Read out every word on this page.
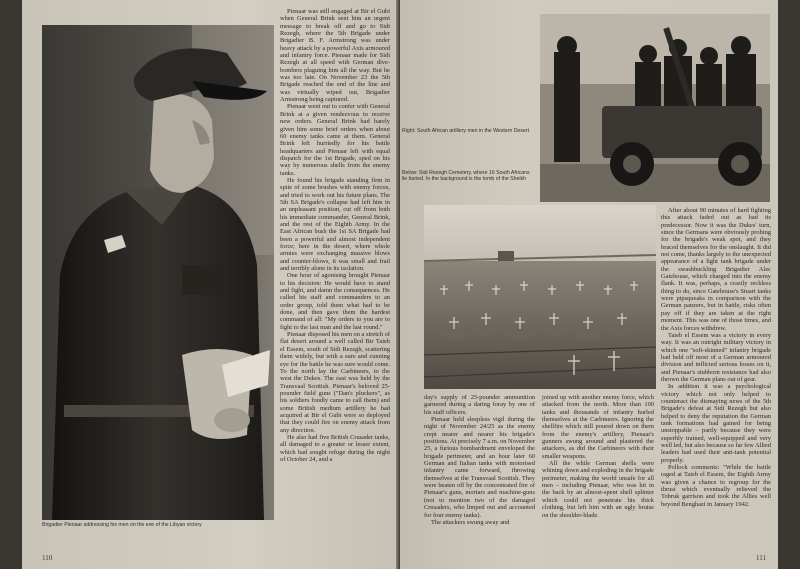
Brigadier Pienaar addressing his men on the eve of the Libyan victory

Pienaar was still engaged at Bir el Gubi when General Brink sent him an urgent message to break off and go to Sidi Rezegh, where the 5th Brigade under Brigadier B. F. Armstrong was under heavy attack by a powerful Axis armoured and infantry force. Pienaar made for Sidi Rezegh at all speed with German dive-bombers plaguing him all the way. But he was too late. On November 23 the 5th Brigade reached the end of the line and was virtually wiped out, Brigadier Armstrong being captured.

Pienaar went out to confer with General Brink at a given rendezvous to receive new orders. General Brink had barely given him some brief orders when about 60 enemy tanks came at them. General Brink left hurriedly for his battle headquarters and Pienaar left with equal dispatch for the 1st Brigade, sped on his way by numerous shells from the enemy tanks.

He found his brigade standing firm in spite of some brushes with enemy forces, and tried to work out his future plans. The 5th SA Brigade's collapse had left him in an unpleasant position, cut off from both his immediate commander, General Brink, and the rest of the Eighth Army. In the East African bush the 1st SA Brigade had been a powerful and almost independent force; here in the desert, where whole armies were exchanging massive blows and counter-blows, it was small and frail and terribly alone in its isolation.

One hour of agonising brought Pienaar to his decision: He would have to stand and fight, and damn the consequences. He called his staff and commanders to an order group, told them what had to be done, and then gave them the hardest command of all: "My orders to you are to fight to the last man and the last round."

Pienaar disposed his men on a stretch of flat desert around a well called Bir Taieb el Essem, south of Sidi Rezegh, scattering them widely, but with a sure and cunning eye for the battle he was sure would come. To the north lay the Carbineers, to the west the Dukes. The east was held by the Transvaal Scottish. Pienaar's beloved 25-pounder field guns ("Dan's pluckers", as his soldiers fondly came to call them) and some British medium artillery he had acquired at Bir el Gubi were so deployed that they could fire on enemy attack from any direction.

He also had five British Crusader tanks, all damaged to a greater or lesser extent, which had sought refuge during the night of October 24, and a

110
Right: South African artillery men in the Western Desert
Below: Sidi Rezegh Cemetery, where 16 South Africans lie buried. In the background is the tomb of the Sheikh

day's supply of 25-pounder ammunition garnered during a daring foray by one of his staff officers.

Pienaar held sleepless vigil during the night of November 24/25 as the enemy crept nearer and nearer his brigade's positions. At precisely 7 a.m. on November 25, a furious bombardment enveloped the brigade perimeter, and an hour later 60 German and Italian tanks with motorised infantry came forward, throwing themselves at the Transvaal Scottish. They were beaten off by the concentrated fire of Pienaar's guns, mortars and machine-guns (not to mention two of the damaged Crusaders, who limped out and accounted for four enemy tanks).

The attackers swung away and

joined up with another enemy force, which attacked from the north. More than 100 tanks and thousands of infantry hurled themselves at the Carbineers. Ignoring the shellfire which still poured down on them from the enemy's artillery, Pienaar's gunners swung around and plastered the attackers, as did the Carbineers with their smaller weapons.

All the while German shells were whining down and exploding in the brigade perimeter, making the world unsafe for all men – including Pienaar, who was hit in the back by an almost-spent shell splinter which could not penetrate his thick clothing, but left him with an ugly bruise on the shoulder-blade.

After about 90 minutes of hard fighting this attack faded out as had its predecessor. Now it was the Dukes' turn, since the Germans were obviously probing for the brigade's weak spot, and they braced themselves for the onslaught. It did not come, thanks largely to the unexpected appearance of a light tank brigade under the swashbuckling Brigadier Alec Gatehouse, which charged into the enemy flank. It was, perhaps, a crazily reckless thing to do, since Gatehouse's Stuart tanks were pipsqueaks in comparison with the German panzers, but in battle, risks often pay off if they are taken at the right moment. This was one of those times, and the Axis forces withdrew.

Taieb el Essem was a victory in every way. It was an outright military victory in which one "soft-skinned" infantry brigade had held off most of a German armoured division and inflicted serious losses on it, and Pienaar's stubborn resistance had also thrown the German plans out of gear.

In addition it was a psychological victory which not only helped to counteract the dismaying news of the 5th Brigade's defeat at Sidi Rezegh but also helped to deny the reputation the German tank formations had gained for being unstoppable – partly because they were superbly trained, well-equipped and very well led, but also because so far few Allied leaders had used their anti-tank potential properly.

Pollock comments: "While the battle raged at Taieb el Essem, the Eighth Army was given a chance to regroup for the thrust which eventually relieved the Tobruk garrison and took the Allies well beyond Benghazi in January 1942.

111
